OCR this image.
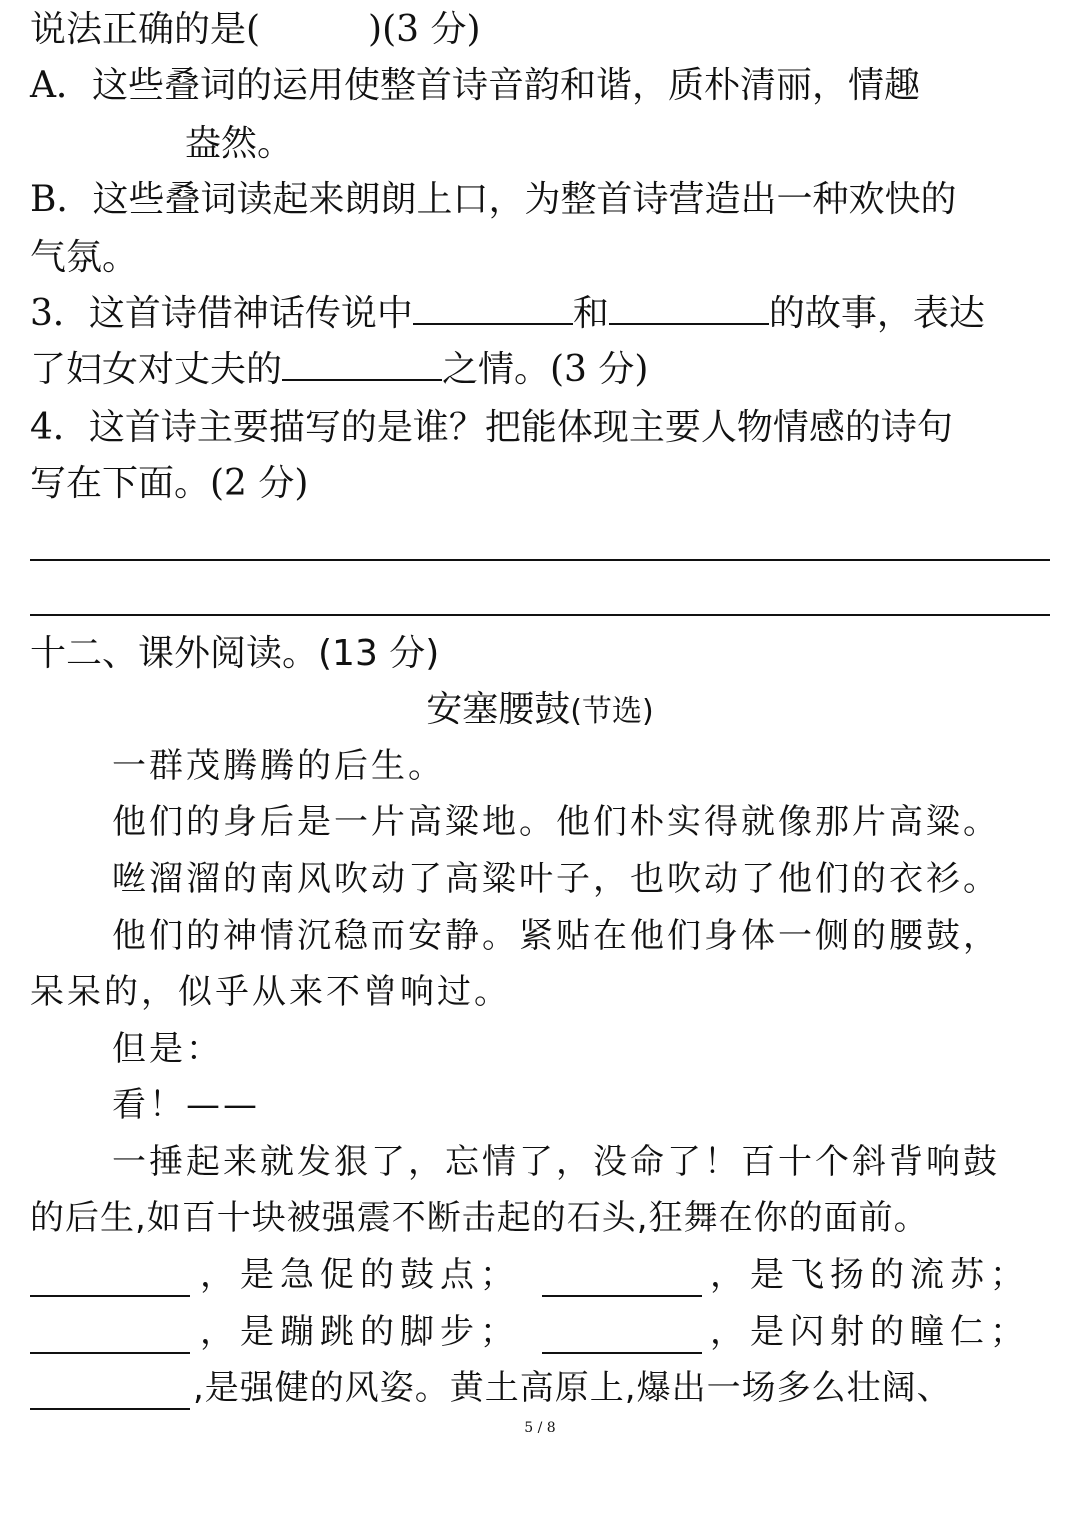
说法正确的是(　　　)(3 分)
A．这些叠词的运用使整首诗音韵和谐，质朴清丽，情趣
盎然。
B．这些叠词读起来朗朗上口，为整首诗营造出一种欢快的
气氛。
3．这首诗借神话传说中	和	的故事，表达
了妇女对丈夫的	之情。(3 分)
4．这首诗主要描写的是谁？把能体现主要人物情感的诗句
写在下面。(2 分)
十二、课外阅读。(13 分)
安塞腰鼓(节选)
一群茂腾腾的后生。
他们的身后是一片高粱地。他们朴实得就像那片高粱。
咝溜溜的南风吹动了高粱叶子，也吹动了他们的衣衫。
他们的神情沉稳而安静。紧贴在他们身体一侧的腰鼓，
呆呆的，似乎从来不曾响过。
但是：
看！——
一捶起来就发狠了，忘情了，没命了！百十个斜背响鼓
的后生,如百十块被强震不断击起的石头,狂舞在你的面前。
，是急促的鼓点；	，是飞扬的流苏；
，是蹦跳的脚步；	，是闪射的瞳仁；
,是强健的风姿。黄土高原上,爆出一场多么壮阔、
5 / 8
